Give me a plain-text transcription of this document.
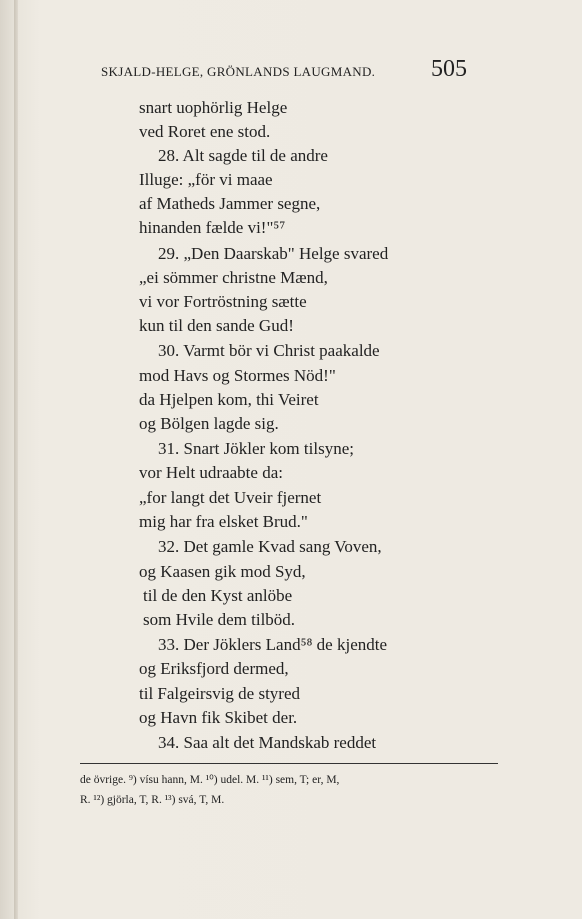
SKJALD-HELGE, GRÖNLANDS LAUGMAND. 505
snart uophörlig Helge
ved Roret ene stod.
28. Alt sagde til de andre
Illuge: „för vi maae
af Matheds Jammer segne,
hinanden fælde vi!"⁵⁷
29. „Den Daarskab" Helge svared
„ei sömmer christne Mænd,
vi vor Fortröstning sætte
kun til den sande Gud!
30. Varmt bör vi Christ paakalde
mod Havs og Stormes Nöd!"
da Hjelpen kom, thi Veiret
og Bölgen lagde sig.
31. Snart Jökler kom tilsyne;
vor Helt udraabte da:
„for langt det Uveir fjernet
mig har fra elsket Brud."
32. Det gamle Kvad sang Voven,
og Kaasen gik mod Syd,
til de den Kyst anlöbe
som Hvile dem tilböd.
33. Der Jöklers Land⁵⁸ de kjendte
og Eriksfjord dermed,
til Falgeirsvig de styred
og Havn fik Skibet der.
34. Saa alt det Mandskab reddet
de övrige. ⁹) vísu hann, M. ¹⁰) udel. M. ¹¹) sem, T; er, M,
R. ¹²) gjörla, T, R. ¹³) svá, T, M.
